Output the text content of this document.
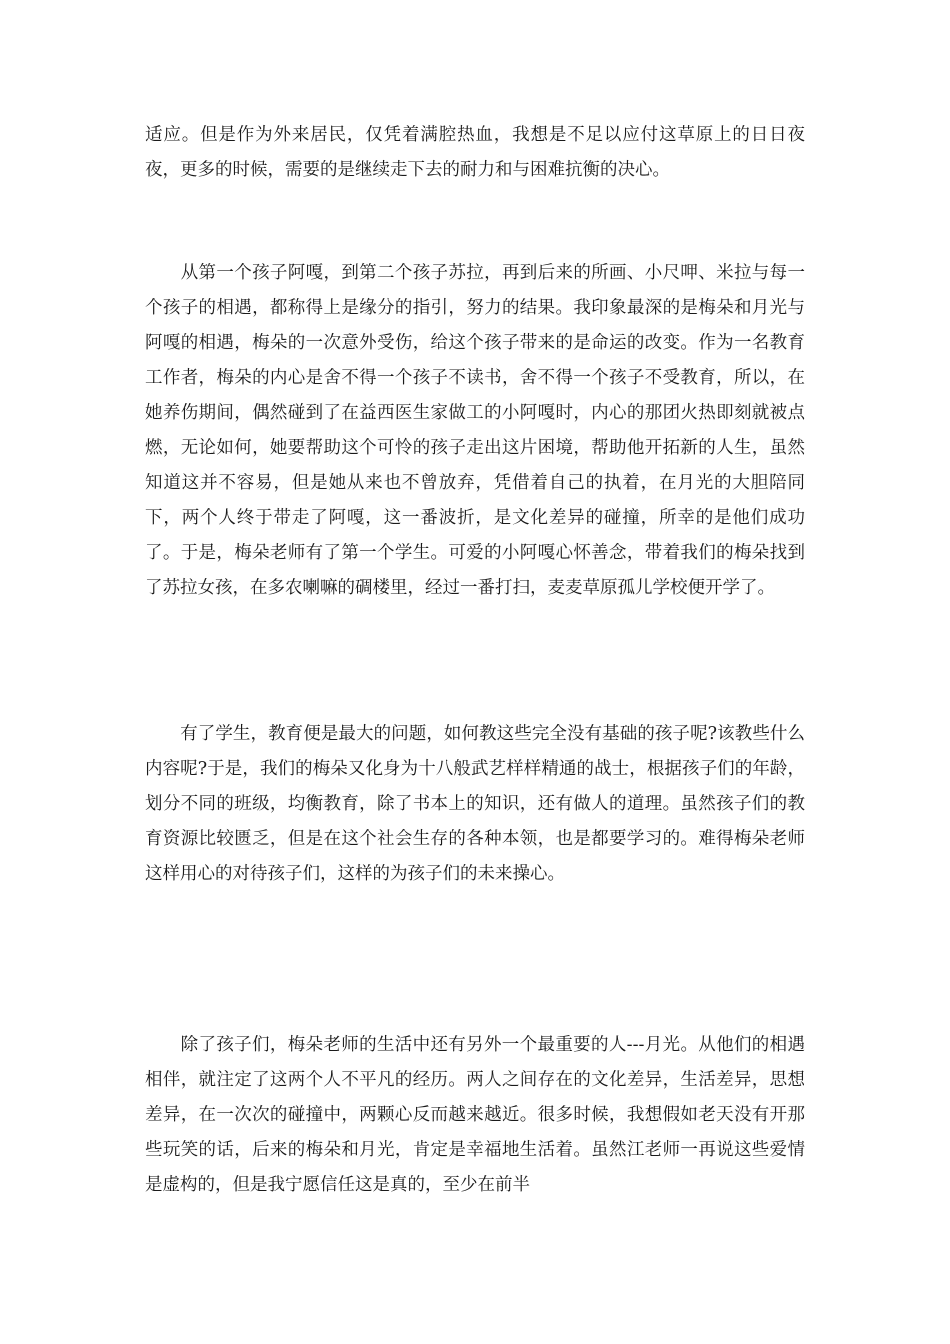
适应。但是作为外来居民，仅凭着满腔热血，我想是不足以应付这草原上的日日夜夜，更多的时候，需要的是继续走下去的耐力和与困难抗衡的决心。

　　从第一个孩子阿嘎，到第二个孩子苏拉，再到后来的所画、小尺呷、米拉与每一个孩子的相遇，都称得上是缘分的指引，努力的结果。我印象最深的是梅朵和月光与阿嘎的相遇，梅朵的一次意外受伤，给这个孩子带来的是命运的改变。作为一名教育工作者，梅朵的内心是舍不得一个孩子不读书，舍不得一个孩子不受教育，所以，在她养伤期间，偶然碰到了在益西医生家做工的小阿嘎时，内心的那团火热即刻就被点燃，无论如何，她要帮助这个可怜的孩子走出这片困境，帮助他开拓新的人生，虽然知道这并不容易，但是她从来也不曾放弃，凭借着自己的执着，在月光的大胆陪同下，两个人终于带走了阿嘎，这一番波折，是文化差异的碰撞，所幸的是他们成功了。于是，梅朵老师有了第一个学生。可爱的小阿嘎心怀善念，带着我们的梅朵找到了苏拉女孩，在多农喇嘛的碉楼里，经过一番打扫，麦麦草原孤儿学校便开学了。

　　有了学生，教育便是最大的问题，如何教这些完全没有基础的孩子呢?该教些什么内容呢?于是，我们的梅朵又化身为十八般武艺样样精通的战士，根据孩子们的年龄，划分不同的班级，均衡教育，除了书本上的知识，还有做人的道理。虽然孩子们的教育资源比较匮乏，但是在这个社会生存的各种本领，也是都要学习的。难得梅朵老师这样用心的对待孩子们，这样的为孩子们的未来操心。

　　除了孩子们，梅朵老师的生活中还有另外一个最重要的人---月光。从他们的相遇相伴，就注定了这两个人不平凡的经历。两人之间存在的文化差异，生活差异，思想差异，在一次次的碰撞中，两颗心反而越来越近。很多时候，我想假如老天没有开那些玩笑的话，后来的梅朵和月光，肯定是幸福地生活着。虽然江老师一再说这些爱情是虚构的，但是我宁愿信任这是真的，至少在前半
